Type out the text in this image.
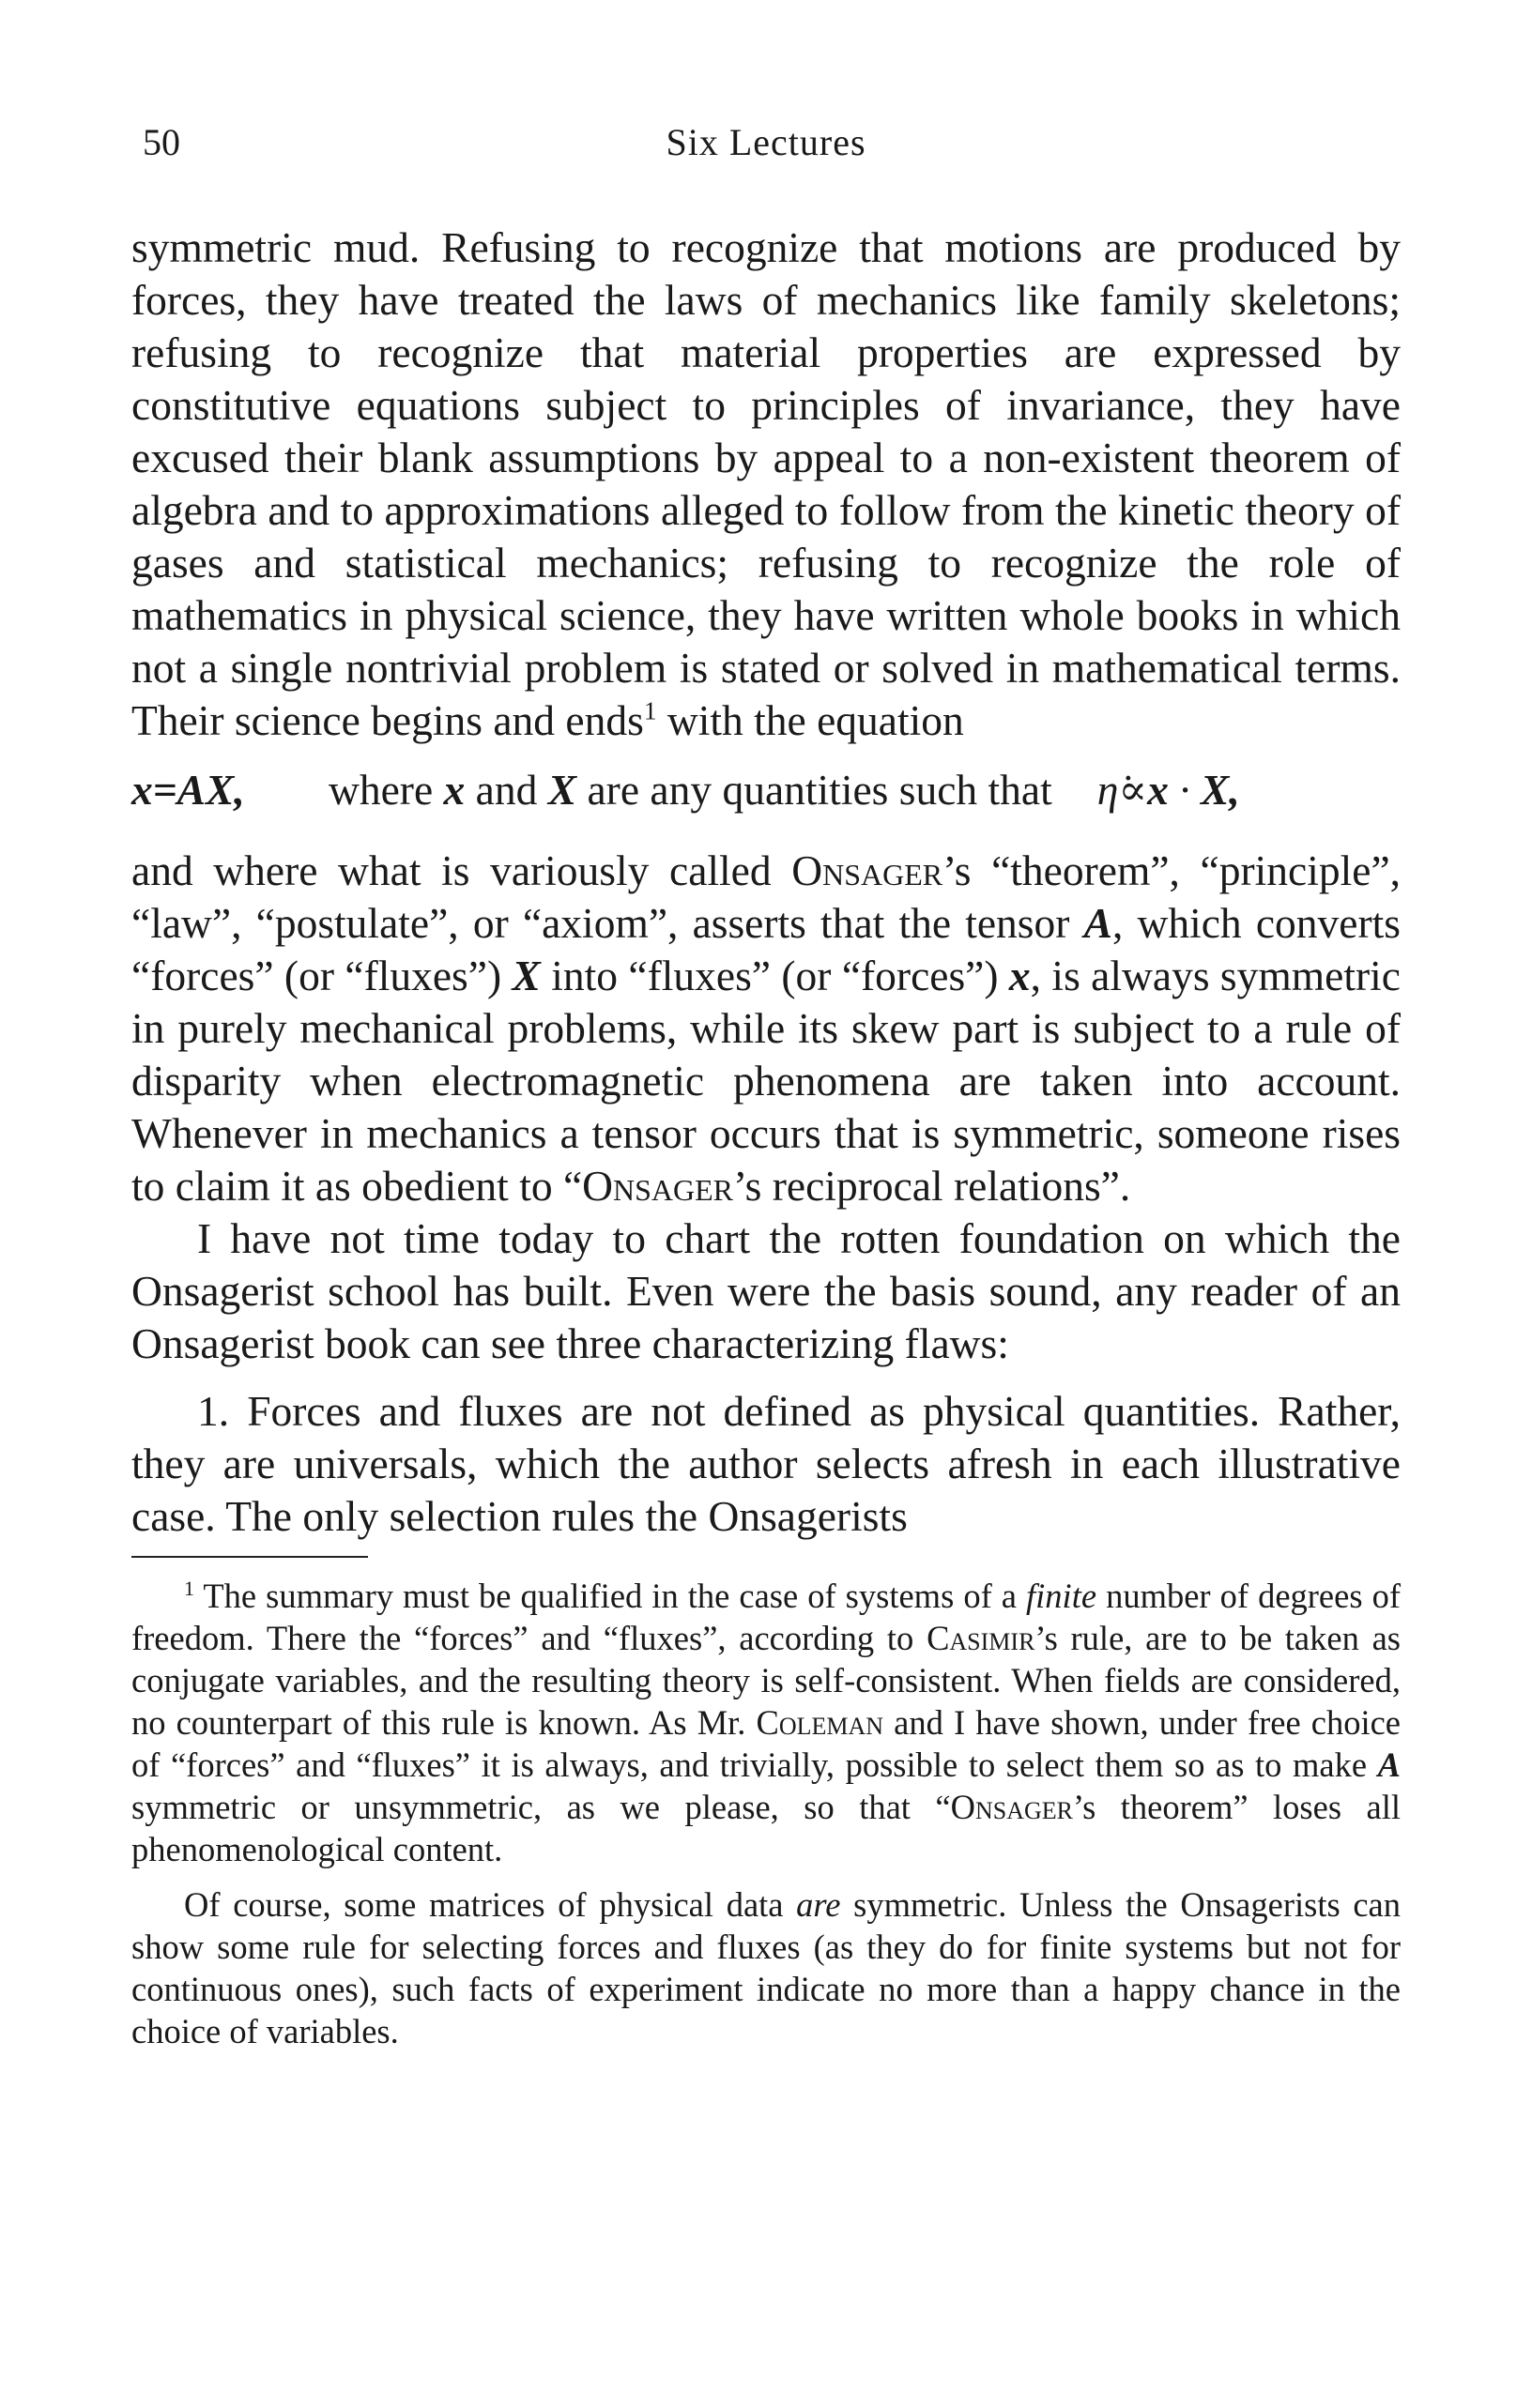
50	Six Lectures

symmetric mud. Refusing to recognize that motions are produced by forces, they have treated the laws of mechanics like family skeletons; refusing to recognize that material properties are expressed by constitutive equations subject to principles of invariance, they have excused their blank assumptions by appeal to a non-existent theorem of algebra and to approximations alleged to follow from the kinetic theory of gases and statistical mechanics; refusing to recognize the role of mathematics in physical science, they have written whole books in which not a single nontrivial problem is stated or solved in mathematical terms. Their science begins and ends$^1$ with the equation

x=AX,	where x and X are any quantities such that η̇∝x · X,

and where what is variously called Onsager’s “theorem”, “principle”, “law”, “postulate”, or “axiom”, asserts that the tensor A, which converts “forces” (or “fluxes”) X into “fluxes” (or “forces”) x, is always symmetric in purely mechanical problems, while its skew part is subject to a rule of disparity when electromagnetic phenomena are taken into account. Whenever in mechanics a tensor occurs that is symmetric, someone rises to claim it as obedient to “Onsager’s reciprocal relations”.

I have not time today to chart the rotten foundation on which the Onsagerist school has built. Even were the basis sound, any reader of an Onsagerist book can see three characterizing flaws:

1. Forces and fluxes are not defined as physical quantities. Rather, they are universals, which the author selects afresh in each illustrative case. The only selection rules the Onsagerists

$^1$ The summary must be qualified in the case of systems of a finite number of degrees of freedom. There the “forces” and “fluxes”, according to Casimir’s rule, are to be taken as conjugate variables, and the resulting theory is self-consistent. When fields are considered, no counterpart of this rule is known. As Mr. Coleman and I have shown, under free choice of “forces” and “fluxes” it is always, and trivially, possible to select them so as to make A symmetric or unsymmetric, as we please, so that “Onsager’s theorem” loses all phenomenological content.

Of course, some matrices of physical data are symmetric. Unless the Onsagerists can show some rule for selecting forces and fluxes (as they do for finite systems but not for continuous ones), such facts of experiment indicate no more than a happy chance in the choice of variables.
